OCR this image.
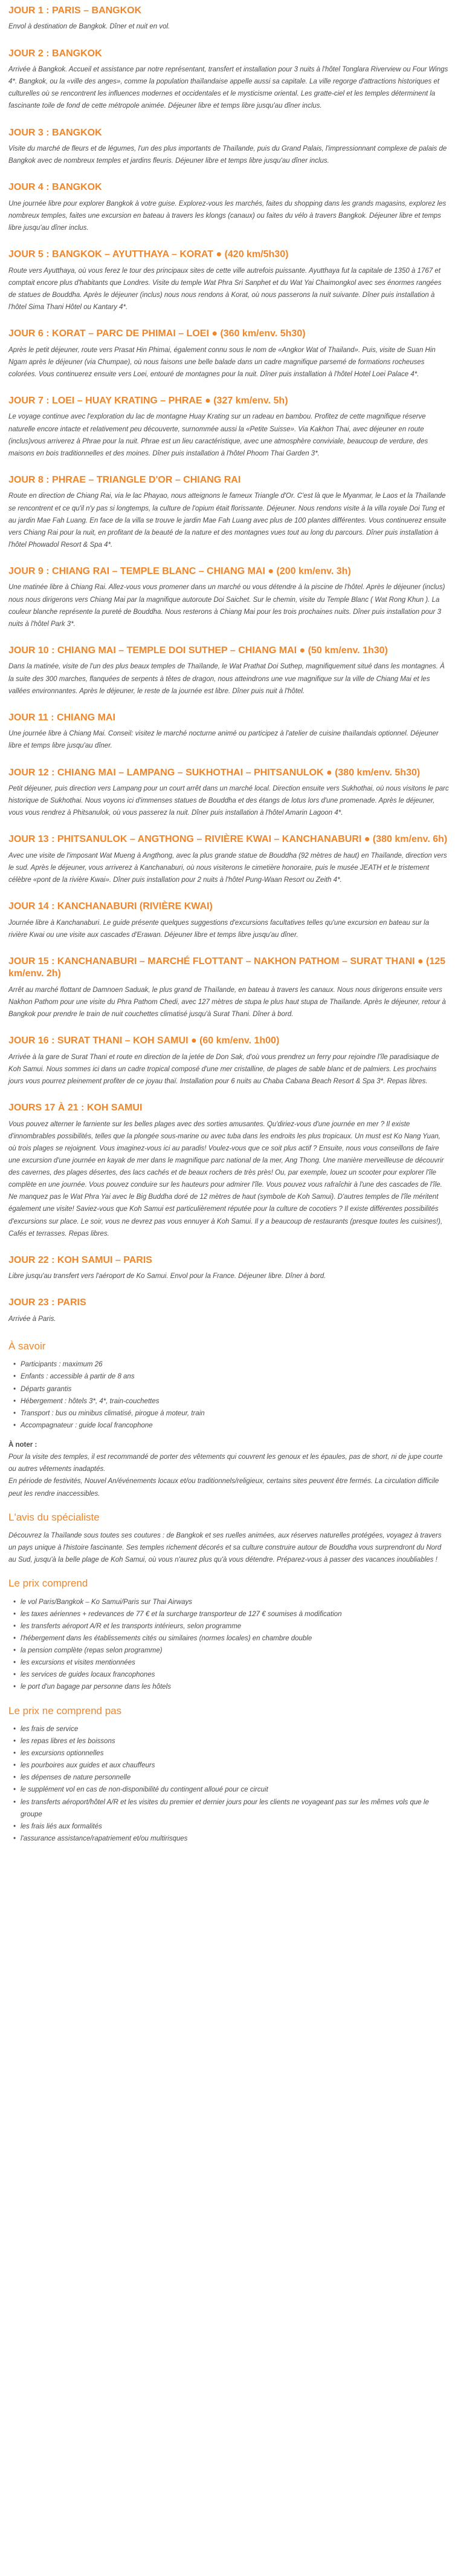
JOUR 1 : PARIS – BANGKOK

Envol à destination de Bangkok. Dîner et nuit en vol.

JOUR 2 : BANGKOK

Arrivée à Bangkok. Accueil et assistance par notre représentant, transfert et installation pour 3 nuits à l'hôtel Tonglara Riverview ou Four Wings 4*. Bangkok, ou la «ville des anges», comme la population thaïlandaise appelle aussi sa capitale. La ville regorge d'attractions historiques et culturelles où se rencontrent les influences modernes et occidentales et le mysticisme oriental. Les gratte-ciel et les temples déterminent la fascinante toile de fond de cette métropole animée. Déjeuner libre et temps libre jusqu'au dîner inclus.

JOUR 3 : BANGKOK

Visite du marché de fleurs et de légumes, l'un des plus importants de Thaïlande, puis du Grand Palais, l'impressionnant complexe de palais de Bangkok avec de nombreux temples et jardins fleuris. Déjeuner libre et temps libre jusqu'au dîner inclus.

JOUR 4 : BANGKOK

Une journée libre pour explorer Bangkok à votre guise. Explorez-vous les marchés, faites du shopping dans les grands magasins, explorez les nombreux temples, faites une excursion en bateau à travers les klongs (canaux) ou faites du vélo à travers Bangkok. Déjeuner libre et temps libre jusqu'au dîner inclus.

JOUR 5 : BANGKOK – AYUTTHAYA – KORAT ● (420 km/5h30)

Route vers Ayutthaya, où vous ferez le tour des principaux sites de cette ville autrefois puissante. Ayutthaya fut la capitale de 1350 à 1767 et comptait encore plus d'habitants que Londres. Visite du temple Wat Phra Sri Sanphet et du Wat Yai Chaimongkol avec ses énormes rangées de statues de Bouddha. Après le déjeuner (inclus) nous nous rendons à Korat, où nous passerons la nuit suivante. Dîner puis installation à l'hôtel Sima Thani Hôtel ou Kantary 4*.

JOUR 6 : KORAT – PARC DE PHIMAI – LOEI ● (360 km/env. 5h30)

Après le petit déjeuner, route vers Prasat Hin Phimai, également connu sous le nom de «Angkor Wat of Thailand». Puis, visite de Suan Hin Ngam après le déjeuner (via Chumpae), où nous faisons une belle balade dans un cadre magnifique parsemé de formations rocheuses colorées. Vous continuerez ensuite vers Loei, entouré de montagnes pour la nuit. Dîner puis installation à l'hôtel Hotel Loei Palace 4*.

JOUR 7 : LOEI – HUAY KRATING – PHRAE ● (327 km/env. 5h)

Le voyage continue avec l'exploration du lac de montagne Huay Krating sur un radeau en bambou. Profitez de cette magnifique réserve naturelle encore intacte et relativement peu découverte, surnommée aussi la «Petite Suisse». Via Kakhon Thai, avec déjeuner en route (inclus)vous arriverez à Phrae pour la nuit. Phrae est un lieu caractéristique, avec une atmosphère conviviale, beaucoup de verdure, des maisons en bois traditionnelles et des moines. Dîner puis installation à l'hôtel Phoom Thai Garden 3*.

JOUR 8 : PHRAE – TRIANGLE D'OR – CHIANG RAI

Route en direction de Chiang Rai, via le lac Phayao, nous atteignons le fameux Triangle d'Or. C'est là que le Myanmar, le Laos et la Thaïlande se rencontrent et ce qu'il n'y pas si longtemps, la culture de l'opium était florissante. Déjeuner. Nous rendons visite à la villa royale Doi Tung et au jardin Mae Fah Luang. En face de la villa se trouve le jardin Mae Fah Luang avec plus de 100 plantes différentes. Vous continuerez ensuite vers Chiang Rai pour la nuit, en profitant de la beauté de la nature et des montagnes vues tout au long du parcours. Dîner puis installation à l'hôtel Phowadol Resort & Spa 4*.

JOUR 9 : CHIANG RAI – TEMPLE BLANC – CHIANG MAI ● (200 km/env. 3h)

Une matinée libre à Chiang Rai. Allez-vous vous promener dans un marché ou vous détendre à la piscine de l'hôtel. Après le déjeuner (inclus) nous nous dirigerons vers Chiang Mai par la magnifique autoroute Doi Saichet. Sur le chemin, visite du Temple Blanc ( Wat Rong Khun ). La couleur blanche représente la pureté de Bouddha. Nous resterons à Chiang Mai pour les trois prochaines nuits. Dîner puis installation pour 3 nuits à l'hôtel Park 3*.

JOUR 10 : CHIANG MAI – TEMPLE DOI SUTHEP – CHIANG MAI ● (50 km/env. 1h30)

Dans la matinée, visite de l'un des plus beaux temples de Thaïlande, le Wat Prathat Doi Suthep, magnifiquement situé dans les montagnes. À la suite des 300 marches, flanquées de serpents à têtes de dragon, nous atteindrons une vue magnifique sur la ville de Chiang Mai et les vallées environnantes. Après le déjeuner, le reste de la journée est libre. Dîner puis nuit à l'hôtel.

JOUR 11 : CHIANG MAI

Une journée libre à Chiang Mai. Conseil: visitez le marché nocturne animé ou participez à l'atelier de cuisine thaïlandais optionnel. Déjeuner libre et temps libre jusqu'au dîner.

JOUR 12 : CHIANG MAI – LAMPANG – SUKHOTHAI – PHITSANULOK ● (380 km/env. 5h30)

Petit déjeuner, puis direction vers Lampang pour un court arrêt dans un marché local. Direction ensuite vers Sukhothai, où nous visitons le parc historique de Sukhothai. Nous voyons ici d'immenses statues de Bouddha et des étangs de lotus lors d'une promenade. Après le déjeuner, vous vous rendrez à Phitsanulok, où vous passerez la nuit. Dîner puis installation à l'hôtel Amarin Lagoon 4*.

JOUR 13 : PHITSANULOK – ANGTHONG – RIVIÈRE KWAI – KANCHANABURI ● (380 km/env. 6h)

Avec une visite de l'imposant Wat Mueng à Angthong, avec la plus grande statue de Bouddha (92 mètres de haut) en Thaïlande, direction vers le sud. Après le déjeuner, vous arriverez à Kanchanaburi, où nous visiterons le cimetière honoraire, puis le musée JEATH et le tristement célèbre «pont de la rivière Kwai». Dîner puis installation pour 2 nuits à l'hôtel Pung-Waan Resort ou Zeith 4*.

JOUR 14 : KANCHANABURI (RIVIÈRE KWAI)

Journée libre à Kanchanaburi. Le guide présente quelques suggestions d'excursions facultatives telles qu'une excursion en bateau sur la rivière Kwai ou une visite aux cascades d'Erawan. Déjeuner libre et temps libre jusqu'au dîner.

JOUR 15 : KANCHANABURI – MARCHÉ FLOTTANT – NAKHON PATHOM – SURAT THANI ● (125 km/env. 2h)

Arrêt au marché flottant de Damnoen Saduak, le plus grand de Thaïlande, en bateau à travers les canaux. Nous nous dirigerons ensuite vers Nakhon Pathom pour une visite du Phra Pathom Chedi, avec 127 mètres de stupa le plus haut stupa de Thaïlande. Après le déjeuner, retour à Bangkok pour prendre le train de nuit couchettes climatisé jusqu'à Surat Thani. Dîner à bord.

JOUR 16 : SURAT THANI – KOH SAMUI ● (60 km/env. 1h00)

Arrivée à la gare de Surat Thani et route en direction de la jetée de Don Sak, d'où vous prendrez un ferry pour rejoindre l'île paradisiaque de Koh Samui. Nous sommes ici dans un cadre tropical composé d'une mer cristalline, de plages de sable blanc et de palmiers. Les prochains jours vous pourrez pleinement profiter de ce joyau thaï. Installation pour 6 nuits au Chaba Cabana Beach Resort & Spa 3*. Repas libres.

JOURS 17 À 21 : KOH SAMUI

Vous pouvez alterner le farniente sur les belles plages avec des sorties amusantes. Qu'diriez-vous d'une journée en mer ? Il existe d'innombrables possibilités, telles que la plongée sous-marine ou avec tuba dans les endroits les plus tropicaux. Un must est Ko Nang Yuan, où trois plages se rejoignent. Vous imaginez-vous ici au paradis! Voulez-vous que ce soit plus actif ? Ensuite, nous vous conseillons de faire une excursion d'une journée en kayak de mer dans le magnifique parc national de la mer, Ang Thong. Une manière merveilleuse de découvrir des cavernes, des plages désertes, des lacs cachés et de beaux rochers de très près! Ou, par exemple, louez un scooter pour explorer l'île complète en une journée. Vous pouvez conduire sur les hauteurs pour admirer l'île. Vous pouvez vous rafraîchir à l'une des cascades de l'île. Ne manquez pas le Wat Phra Yai avec le Big Buddha doré de 12 mètres de haut (symbole de Koh Samui). D'autres temples de l'île méritent également une visite! Saviez-vous que Koh Samui est particulièrement réputée pour la culture de cocotiers ? Il existe différentes possibilités d'excursions sur place. Le soir, vous ne devrez pas vous ennuyer à Koh Samui. Il y a beaucoup de restaurants (presque toutes les cuisines!), Cafés et terrasses. Repas libres.

JOUR 22 : KOH SAMUI – PARIS

Libre jusqu'au transfert vers l'aéroport de Ko Samui. Envol pour la France. Déjeuner libre. Dîner à bord.

JOUR 23 : PARIS

Arrivée à Paris.

À savoir
• Participants : maximum 26
• Enfants : accessible à partir de 8 ans
• Départs garantis
• Hébergement : hôtels 3*, 4*, train-couchettes
• Transport : bus ou minibus climatisé, pirogue à moteur, train
• Accompagnateur : guide local francophone

À noter :

Pour la visite des temples, il est recommandé de porter des vêtements qui couvrent les genoux et les épaules, pas de short, ni de jupe courte ou autres vêtements inadaptés.

En période de festivités, Nouvel An/événements locaux et/ou traditionnels/religieux, certains sites peuvent être fermés. La circulation difficile peut les rendre inaccessibles.

L'avis du spécialiste

Découvrez la Thaïlande sous toutes ses coutures : de Bangkok et ses ruelles animées, aux réserves naturelles protégées, voyagez à travers un pays unique à l'histoire fascinante. Ses temples richement décorés et sa culture construire autour de Bouddha vous surprendront du Nord au Sud, jusqu'à la belle plage de Koh Samui, où vous n'aurez plus qu'à vous détendre. Préparez-vous à passer des vacances inoubliables !

Le prix comprend
• le vol Paris/Bangkok – Ko Samui/Paris sur Thai Airways
• les taxes aériennes + redevances de 77 € et la surcharge transporteur de 127 € soumises à modification
• les transferts aéroport A/R et les transports intérieurs, selon programme
• l'hébergement dans les établissements cités ou similaires (normes locales) en chambre double
• la pension complète (repas selon programme)
• les excursions et visites mentionnées
• les services de guides locaux francophones
• le port d'un bagage par personne dans les hôtels
Le prix ne comprend pas
• les frais de service
• les repas libres et les boissons
• les excursions optionnelles
• les pourboires aux guides et aux chauffeurs
• les dépenses de nature personnelle
• le supplément vol en cas de non-disponibilité du contingent alloué pour ce circuit
• les transferts aéroport/hôtel A/R et les visites du premier et dernier jours pour les clients ne voyageant pas sur les mêmes vols que le groupe
• les frais liés aux formalités
• l'assurance assistance/rapatriement et/ou multirisques
